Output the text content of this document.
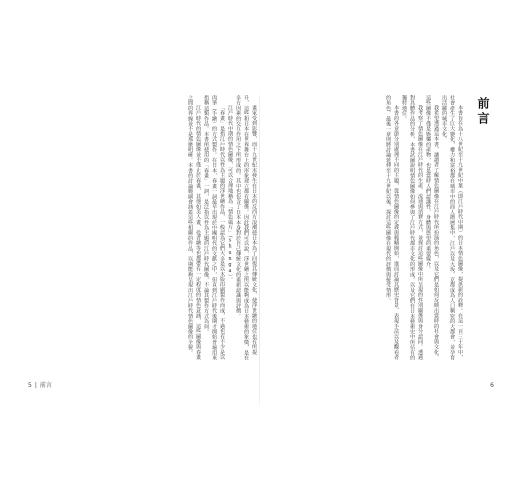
畫家受到影響，而十九世紀末發生在日本的反西方浪潮使日本為了回復其傳統文化，使浮世繪的地位也有所提升，這些和日本在世界舞台上的形象建立都有關係。因此我們可以說，浮世繪之所以能夠成為日本藝術的象徵，是在多方因素的交互作用之下所形成的。其中也包含了日本本身對於自己傳統文化的重新認識與評價。

江戶時代中期的情色圖像，可以合理地稱為「情色風片」（shunga）。

「春畫」是指江戶時代以性為主題的浮世繪作品，一般認為它們大多是以木版印刷製作而成，不過也有不少是以肉筆（手繪）的方式製作。在日本，春畫一詞最早出現於中國明代的文獻之中，但直到江戶時代後期才開始普遍用來指稱這類作品。本書所使用的「春畫」一詞，是泛指以性為主題的江戶時代圖像，不論其製作方式為何。

江戶時代的情色圖像並不僅止於春畫，其他如美人畫、役者繪等也都帶有一定程度的情色意涵，這些圖像與春畫之間的界線並不是那麼明確。本書的討論範圍會涵蓋這些相關的作品，以期能夠呈現出江戶時代情色圖像的全貌。

5 | 前言
前言

本書旨在為十八世紀至十九世紀中葉（即江戶時代中期）的日本情色圖像，提供新的詮釋。在這一百三十年中，社會產生了巨大變化，權力和富裕都在城市中的商人階層集中，江戶以及大坂、京都成為人口稠密的大都會，並孕育出活躍的城市文化。

我希望透過這本書，讓讀者了解情色圖像在江戶時代所扮演的角色，以及它們是如何反映出當時的社會與文化。這些圖像不僅是娛樂的產物，也是當時人們認識性、身體與慾望的重要媒介。

我考察了情色圖像在江戶時代的生產、流通與消費方式，並探討這些圖像中所呈現的性別關係與身分認同。透過對具體作品的分析，本書試圖說明情色圖像如何參與了江戶時代都市文化的形成，以及它們在日本藝術史中所佔有的獨特地位。

本書的各章節分別處理不同的主題，從情色圖像的定義與範疇開始，進而討論其歷史背景、表現手法以及觀看者的角色。最後一章則將討論延伸至十九世紀以後，探討這些圖像在現代的評價與接受情形。

6
